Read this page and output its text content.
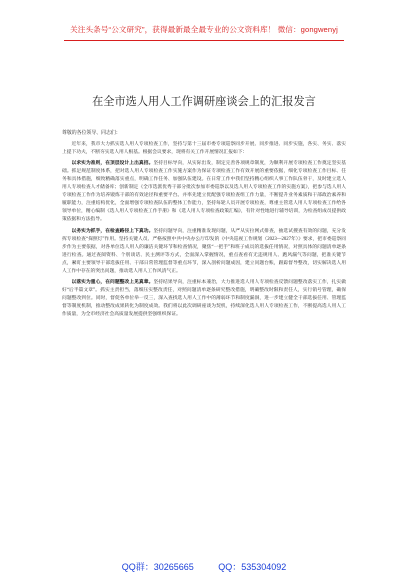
关注头条号“公文研究”，获得最新最全最专业的公文资料库！ 微信：gongwenyj
在全市选人用人工作调研座谈会上的汇报发言

尊敬的各位领导、同志们：

近年来，我市大力抓实选人用人专项检查工作，坚持与第十三届市委专项巡察同步开展、同步推进、同步实施，各实、务实、落实上提下功夫，不断夯实选人用人根基。根据会议要求，现将有关工作开展情况汇报如下：

以求实为准则，在顶层设计上出真招。坚持目标导向，从实际出发，制定完善各项规章制度，为顺利开展专项检查工作奠定坚实基础。抓足规范制度体系，把对选人用人专项检查工作实施方案作为保证专项检查工作有效开展的重要依据，细化专项检查工作目标、任务和具体措施，细致精确落实重点，明确工作任务、加强队伍建设。在日常工作中我们坚持精心组织人事工作队伍骨干，及时建立选人用人专项检查人才储备库；创新制定《全市选派优秀干部分批次参加市委巡察以及选人用人专项检查工作的实施方案》，把参与选人用人专项检查工作作为培养锻炼干部的有效途径和重要平台。并率先建立优配强专项检查组工作力量，不断提升业务素质和干部政治素养和履职能力，注重结构优化，全面增强专项检查队伍的整体工作能力，坚持每轮人员开展专项检查，尊重主管选人用人专项检查工作给各领导单位，精心编制《选人用人专项检查工作手册》和《选人用人专项检查政策汇编》，有针对性地进行辅导培训，为检查组成员提供政策依据和方法指导。

以务实为抓手，在检查路径上下真功。坚持问题导向，注重精准发现问题，从严从实拉网式排查，抽选试搜查有效的问题，充分发挥专项检查“探照灯”作用。坚持关键人员、严格按照中共中央办公厅印发的《中央巡视工作规划（2023—2027年）》要求，把市委巡察同步作为主要依据，对各单位选人用人的廉洁关键环节和检查情况，聚焦“一把手”和班子成员的选拔任用情况，对照具体的问题清单逐条进行检查。通过查阅资料、个别谈话、民主测评等方式，全面深入掌握情况，重点查看有无违规用人、跑风漏气等问题，把准关键节点，紧盯主要领导干部选拔任用、干部日常管理监督等重点环节，深入剖析问题成因，建立问题台账，跟踪督导整改，切实解决选人用人工作中存在的突出问题，推动选人用人工作风清气正。

以落实为重心，在问题整改上见真章。坚持结果导向，注重标本兼治，大力推进选人用人专项检查反馈问题整改落实工作，扎实做好“后半篇文章”。抓实主责担当，落细压实整改责任，对照问题清单逐条研究整改措施，明确整改时限和责任人，实行销号管理，确保问题整改到位。同时，督促各单位举一反三，深入查找选人用人工作中的薄弱环节和制度漏洞，进一步建立健全干部选拔任用、管理监督等制度机制，推动整改成果转化为制度成效。我们将以此次调研座谈为契机，持续深化选人用人专项检查工作，不断提高选人用人工作质量，为全市经济社会高质量发展提供坚强组织保证。

QQ群：30265665	QQ：535304092
